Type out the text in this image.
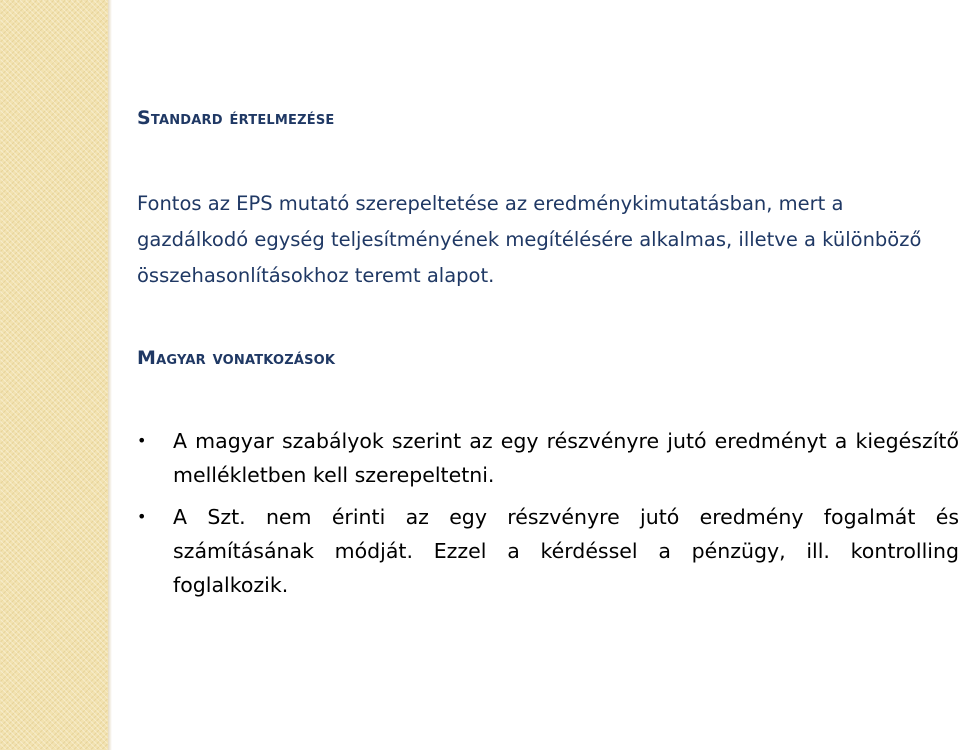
Standard értelmezése

Fontos az EPS mutató szerepeltetése az eredménykimutatásban, mert a gazdálkodó egység teljesítményének megítélésére alkalmas, illetve a különböző összehasonlításokhoz teremt alapot.

Magyar vonatkozások
• A magyar szabályok szerint az egy részvényre jutó eredményt a kiegészítő mellékletben kell szerepeltetni.
• A Szt. nem érinti az egy részvényre jutó eredmény fogalmát és számításának módját. Ezzel a kérdéssel a pénzügy, ill. kontrolling foglalkozik.
